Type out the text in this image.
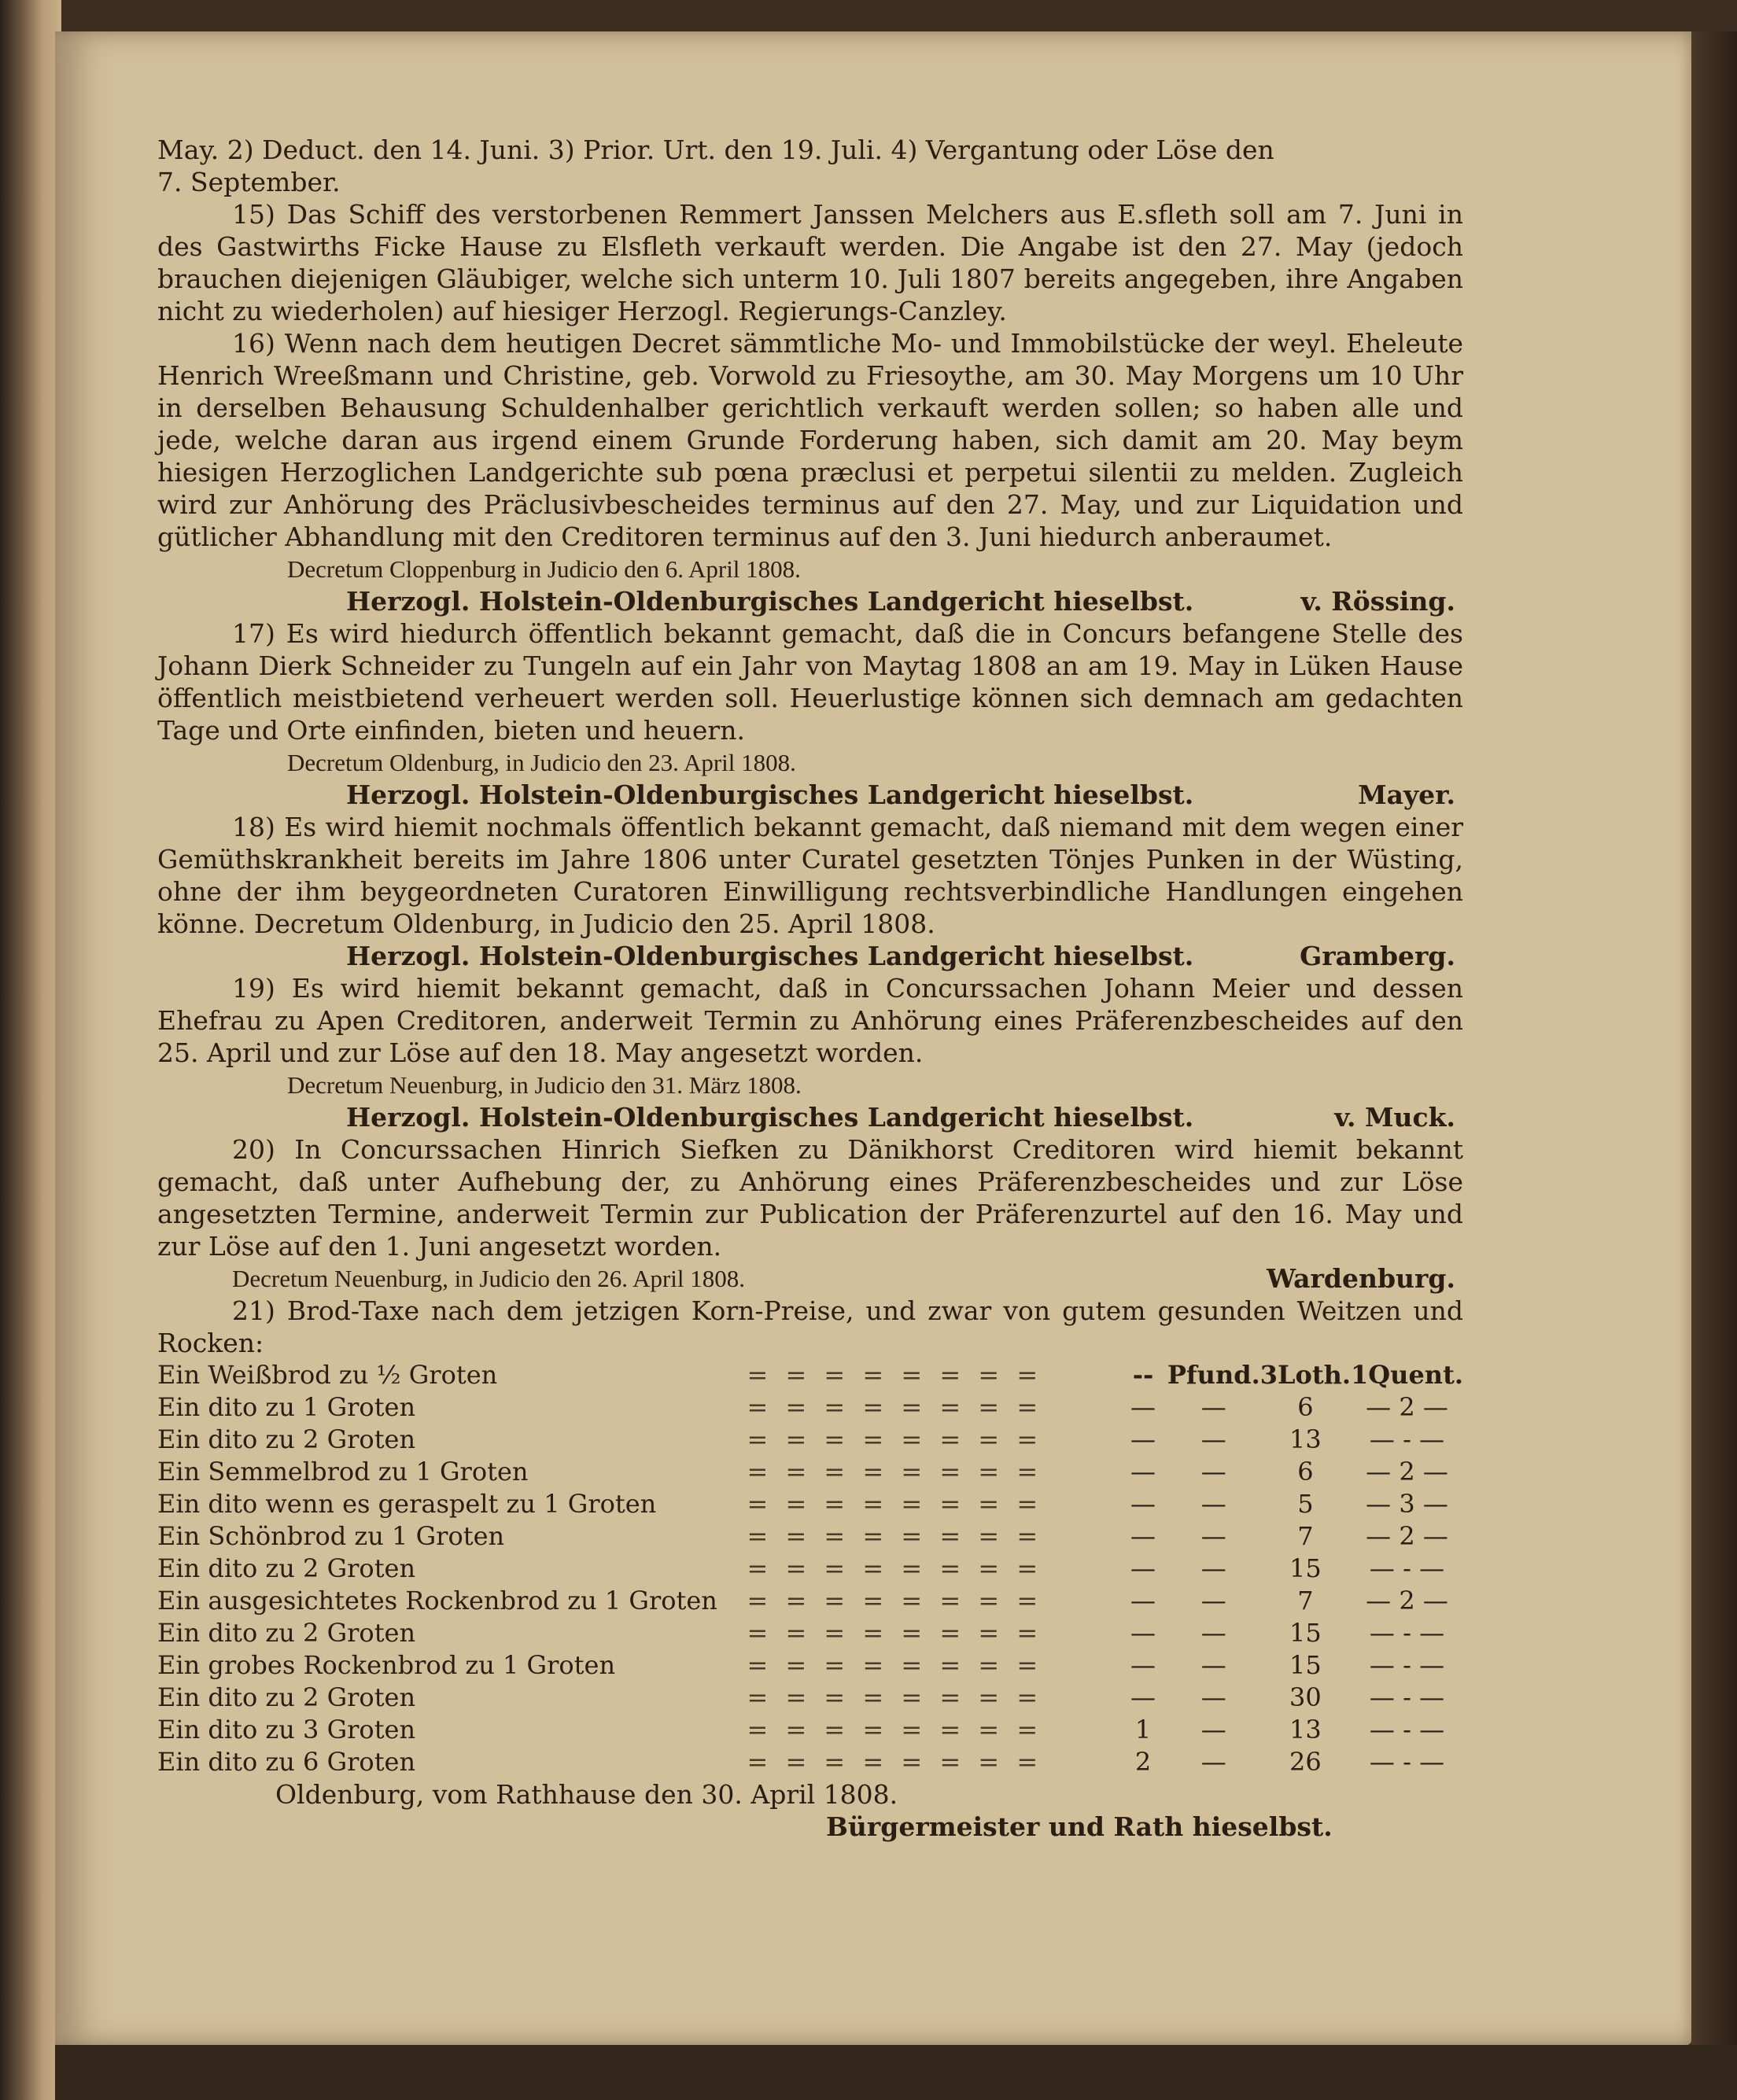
May. 2) Deduct. den 14. Juni. 3) Prior. Urt. den 19. Juli. 4) Vergantung oder Löse den

7. September.

15) Das Schiff des verstorbenen Remmert Janssen Melchers aus E.sfleth soll am 7. Juni in des Gastwirths Ficke Hause zu Elsfleth verkauft werden. Die Angabe ist den 27. May (jedoch brauchen diejenigen Gläubiger, welche sich unterm 10. Juli 1807 bereits angegeben, ihre Angaben nicht zu wiederholen) auf hiesiger Herzogl. Regierungs-Canzley.

16) Wenn nach dem heutigen Decret sämmtliche Mo- und Immobilstücke der weyl. Eheleute Henrich Wreeßmann und Christine, geb. Vorwold zu Friesoythe, am 30. May Morgens um 10 Uhr in derselben Behausung Schuldenhalber gerichtlich verkauft werden sollen; so haben alle und jede, welche daran aus irgend einem Grunde Forderung haben, sich damit am 20. May beym hiesigen Herzoglichen Landgerichte sub pœna præclusi et perpetui silentii zu melden. Zugleich wird zur Anhörung des Präclusivbescheides terminus auf den 27. May, und zur Liquidation und gütlicher Abhandlung mit den Creditoren terminus auf den 3. Juni hiedurch anberaumet.

Decretum Cloppenburg in Judicio den 6. April 1808.

Herzogl. Holstein-Oldenburgisches Landgericht hieselbst.	v. Rössing.

17) Es wird hiedurch öffentlich bekannt gemacht, daß die in Concurs befangene Stelle des Johann Dierk Schneider zu Tungeln auf ein Jahr von Maytag 1808 an am 19. May in Lüken Hause öffentlich meistbietend verheuert werden soll. Heuerlustige können sich demnach am gedachten Tage und Orte einfinden, bieten und heuern.

Decretum Oldenburg, in Judicio den 23. April 1808.

Herzogl. Holstein-Oldenburgisches Landgericht hieselbst.	Mayer.

18) Es wird hiemit nochmals öffentlich bekannt gemacht, daß niemand mit dem wegen einer Gemüthskrankheit bereits im Jahre 1806 unter Curatel gesetzten Tönjes Punken in der Wüsting, ohne der ihm beygeordneten Curatoren Einwilligung rechtsverbindliche Handlungen eingehen könne. Decretum Oldenburg, in Judicio den 25. April 1808.

Herzogl. Holstein-Oldenburgisches Landgericht hieselbst.	Gramberg.

19) Es wird hiemit bekannt gemacht, daß in Concurssachen Johann Meier und dessen Ehefrau zu Apen Creditoren, anderweit Termin zu Anhörung eines Präferenzbescheides auf den 25. April und zur Löse auf den 18. May angesetzt worden.

Decretum Neuenburg, in Judicio den 31. März 1808.

Herzogl. Holstein-Oldenburgisches Landgericht hieselbst.	v. Muck.

20) In Concurssachen Hinrich Siefken zu Dänikhorst Creditoren wird hiemit bekannt gemacht, daß unter Aufhebung der, zu Anhörung eines Präferenzbescheides und zur Löse angesetzten Termine, anderweit Termin zur Publication der Präferenzurtel auf den 16. May und zur Löse auf den 1. Juni angesetzt worden.

Decretum Neuenburg, in Judicio den 26. April 1808.	Wardenburg.

21) Brod-Taxe nach dem jetzigen Korn-Preise, und zwar von gutem gesunden Weitzen und Rocken:

Ein Weißbrod zu ½ Groten	= = = = = = = =	--	Pfund.	3Loth.	1Quent.
Ein dito zu 1 Groten	= = = = = = = =	—	—	6	— 2 —
Ein dito zu 2 Groten	= = = = = = = =	—	—	13	— - —
Ein Semmelbrod zu 1 Groten	= = = = = = = =	—	—	6	— 2 —
Ein dito wenn es geraspelt zu 1 Groten	= = = = = = = =	—	—	5	— 3 —
Ein Schönbrod zu 1 Groten	= = = = = = = =	—	—	7	— 2 —
Ein dito zu 2 Groten	= = = = = = = =	—	—	15	— - —
Ein ausgesichtetes Rockenbrod zu 1 Groten	= = = = = = = =	—	—	7	— 2 —
Ein dito zu 2 Groten	= = = = = = = =	—	—	15	— - —
Ein grobes Rockenbrod zu 1 Groten	= = = = = = = =	—	—	15	— - —
Ein dito zu 2 Groten	= = = = = = = =	—	—	30	— - —
Ein dito zu 3 Groten	= = = = = = = =	1	—	13	— - —
Ein dito zu 6 Groten	= = = = = = = =	2	—	26	— - —

Oldenburg, vom Rathhause den 30. April 1808.

Bürgermeister und Rath hieselbst.
